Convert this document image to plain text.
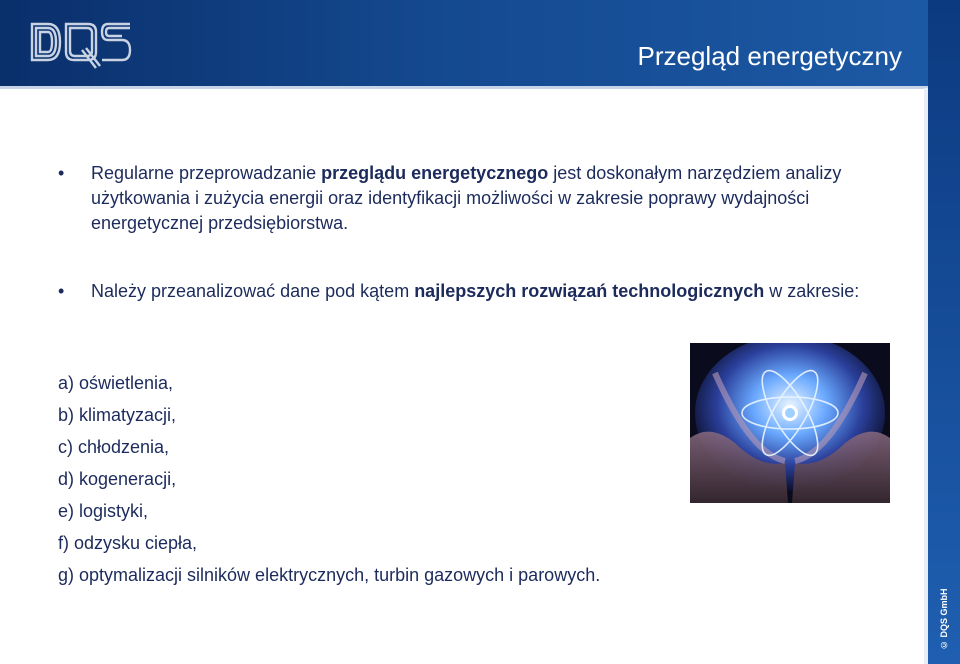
Przegląd energetyczny
• Regularne przeprowadzanie przeglądu energetycznego jest doskonałym narzędziem analizy użytkowania i zużycia energii oraz identyfikacji możliwości w zakresie poprawy wydajności energetycznej przedsiębiorstwa.
• Należy przeanalizować dane pod kątem najlepszych rozwiązań technologicznych w zakresie:
a) oświetlenia,
b) klimatyzacji,
c) chłodzenia,
d) kogeneracji,
e) logistyki,
f) odzysku ciepła,
g) optymalizacji silników elektrycznych, turbin gazowych i parowych.
© DQS GmbH
